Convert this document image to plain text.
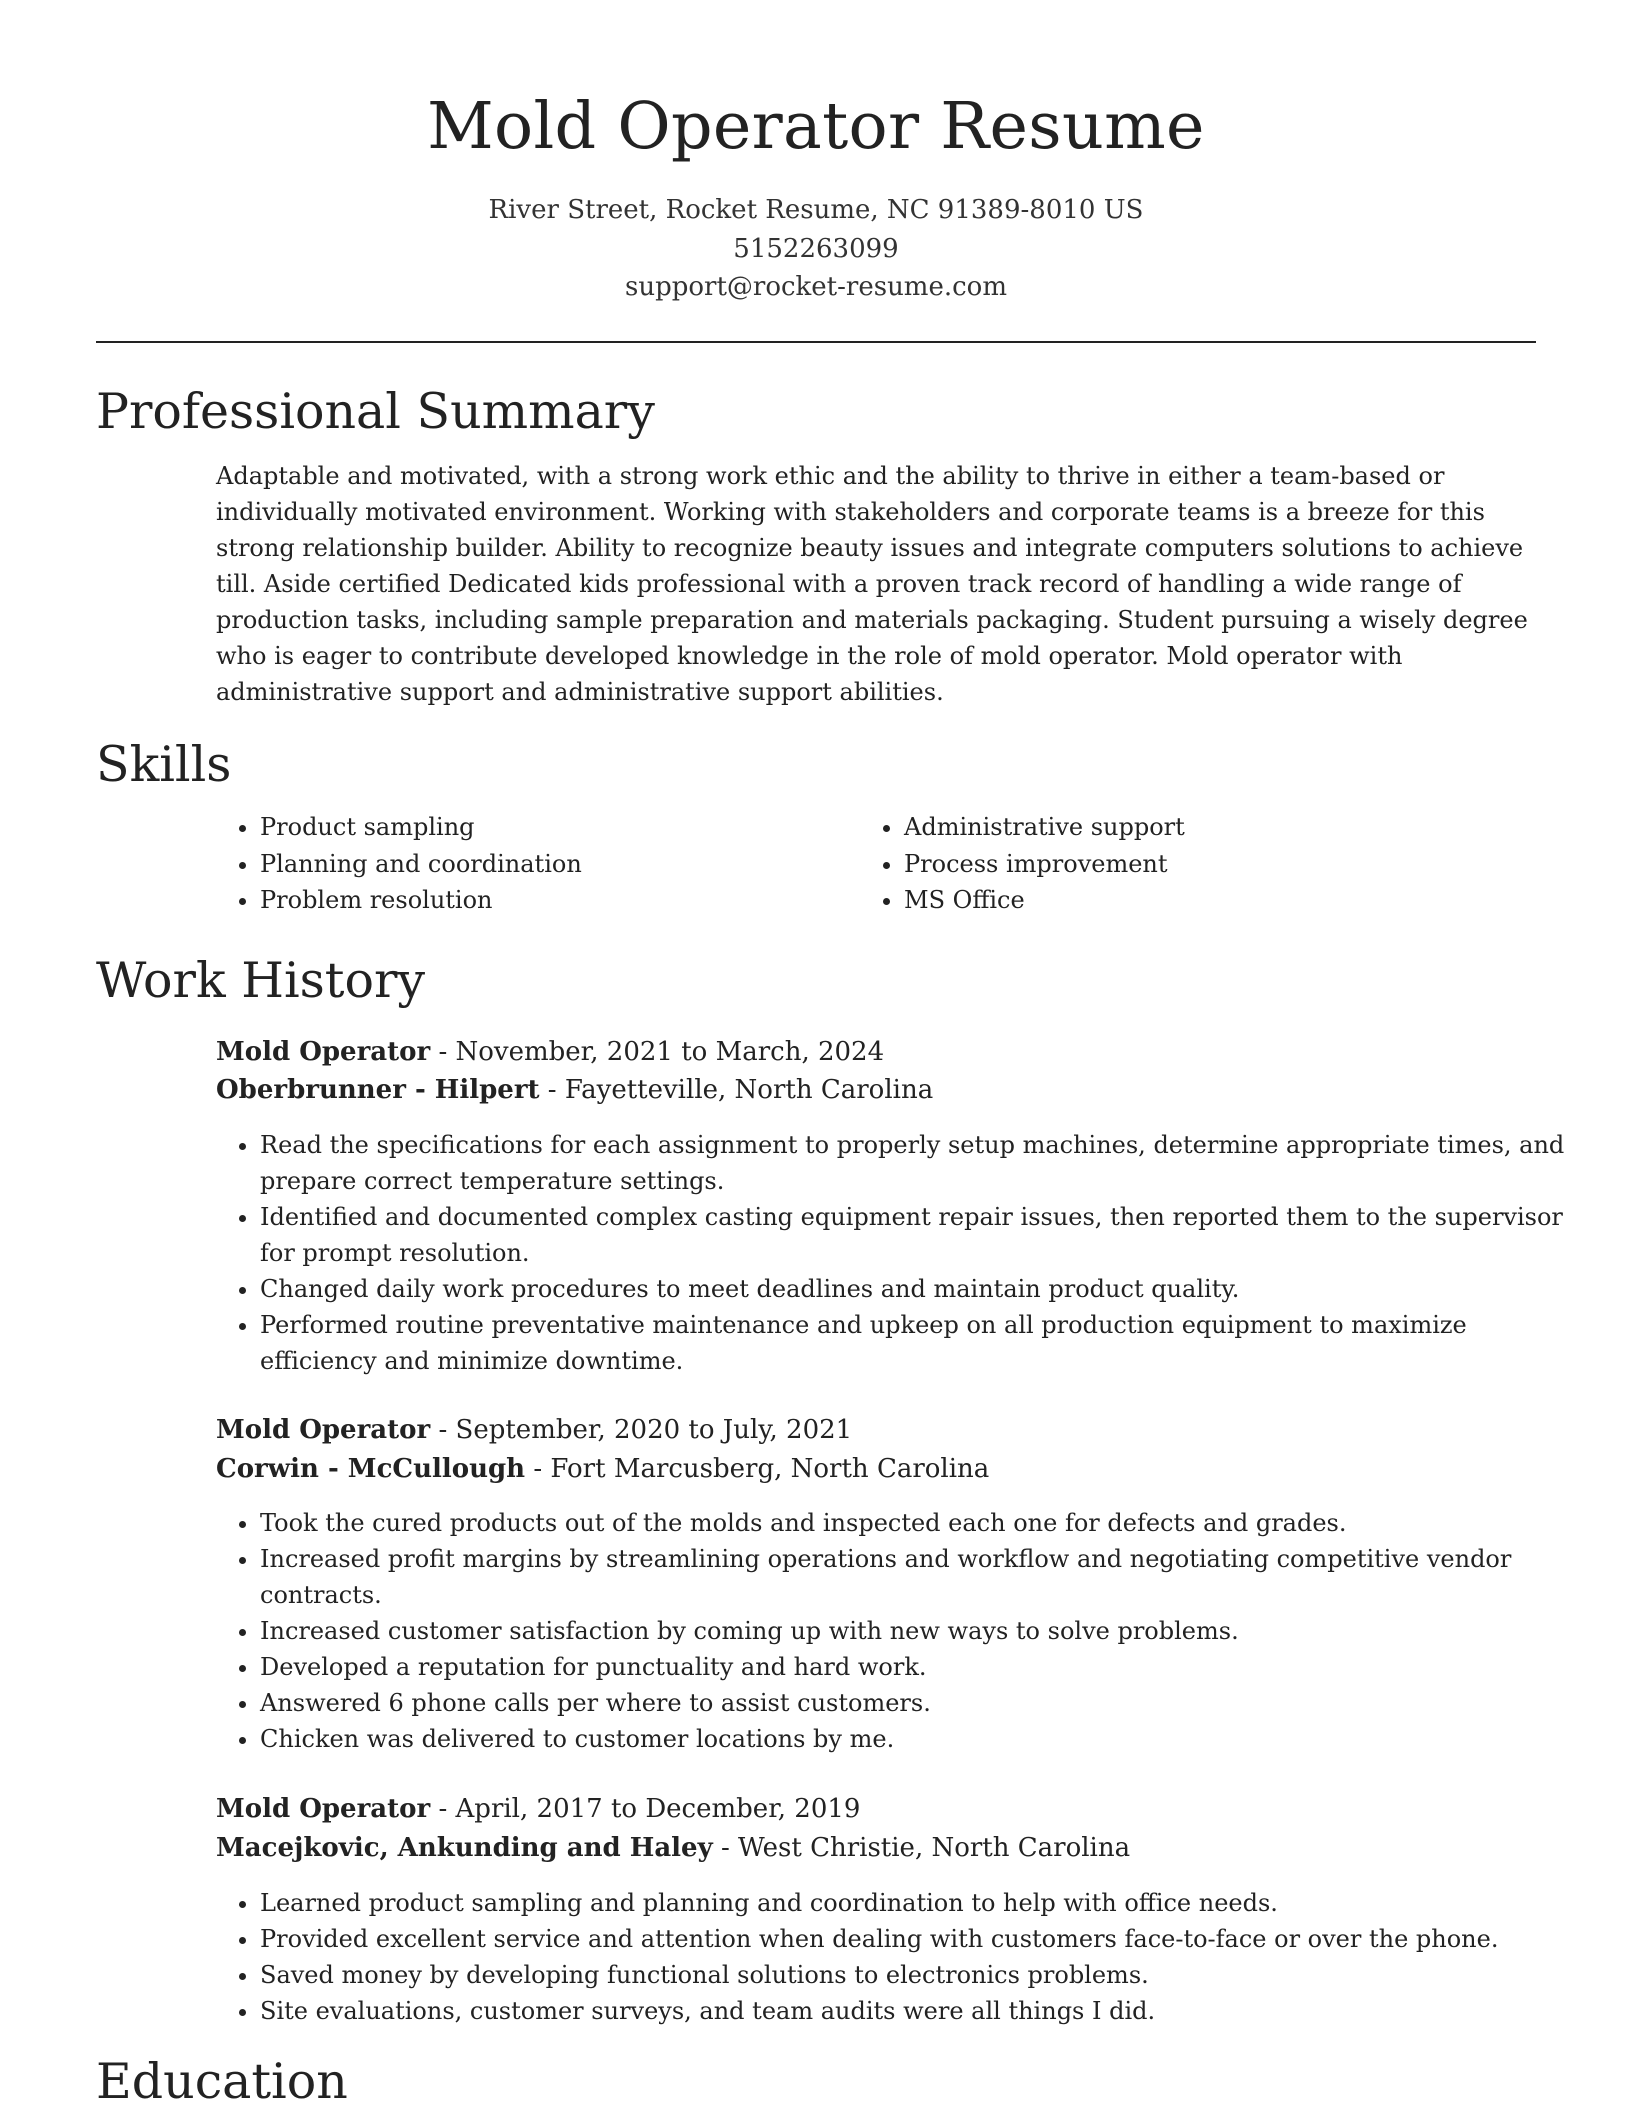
Mold Operator Resume
River Street, Rocket Resume, NC 91389-8010 US
5152263099
support@rocket-resume.com
Professional Summary

Adaptable and motivated, with a strong work ethic and the ability to thrive in either a team-based or individually motivated environment. Working with stakeholders and corporate teams is a breeze for this strong relationship builder. Ability to recognize beauty issues and integrate computers solutions to achieve till. Aside certified Dedicated kids professional with a proven track record of handling a wide range of production tasks, including sample preparation and materials packaging. Student pursuing a wisely degree who is eager to contribute developed knowledge in the role of mold operator. Mold operator with administrative support and administrative support abilities.

Skills
• Product sampling
• Planning and coordination
• Problem resolution
• Administrative support
• Process improvement
• MS Office
Work History
Mold Operator - November, 2021 to March, 2024
Oberbrunner - Hilpert - Fayetteville, North Carolina
• Read the specifications for each assignment to properly setup machines, determine appropriate times, and prepare correct temperature settings.
• Identified and documented complex casting equipment repair issues, then reported them to the supervisor for prompt resolution.
• Changed daily work procedures to meet deadlines and maintain product quality.
• Performed routine preventative maintenance and upkeep on all production equipment to maximize efficiency and minimize downtime.
Mold Operator - September, 2020 to July, 2021
Corwin - McCullough - Fort Marcusberg, North Carolina
• Took the cured products out of the molds and inspected each one for defects and grades.
• Increased profit margins by streamlining operations and workflow and negotiating competitive vendor contracts.
• Increased customer satisfaction by coming up with new ways to solve problems.
• Developed a reputation for punctuality and hard work.
• Answered 6 phone calls per where to assist customers.
• Chicken was delivered to customer locations by me.
Mold Operator - April, 2017 to December, 2019
Macejkovic, Ankunding and Haley - West Christie, North Carolina
• Learned product sampling and planning and coordination to help with office needs.
• Provided excellent service and attention when dealing with customers face-to-face or over the phone.
• Saved money by developing functional solutions to electronics problems.
• Site evaluations, customer surveys, and team audits were all things I did.
Education
